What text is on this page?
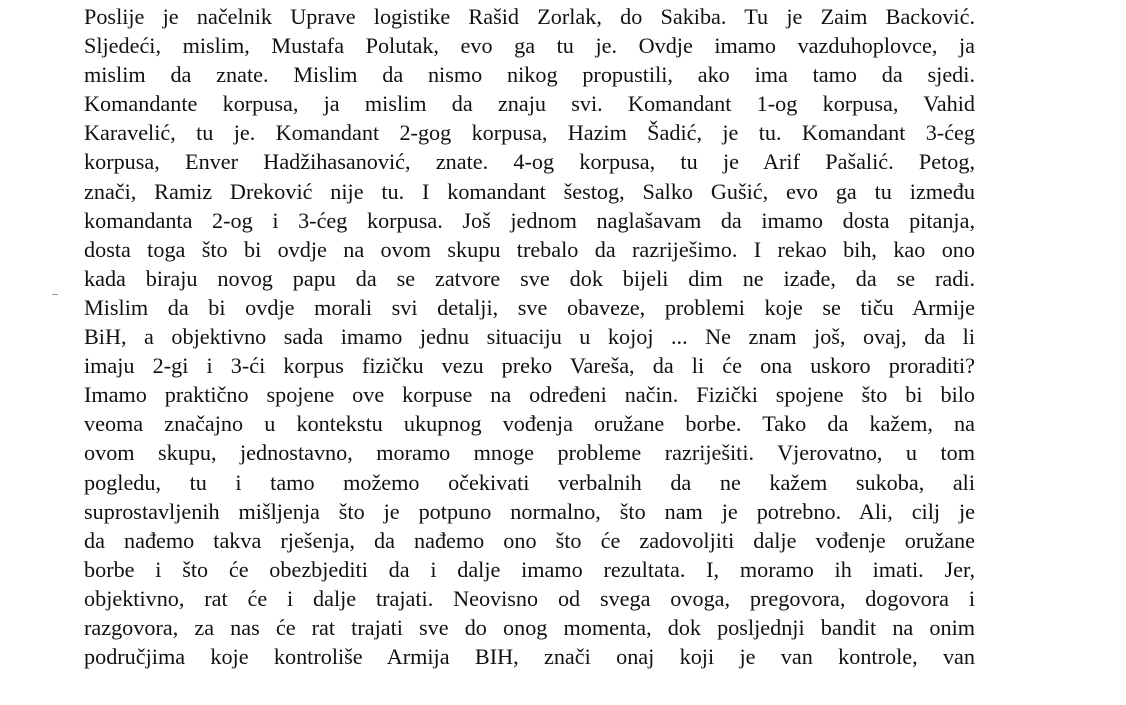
Poslije je načelnik Uprave logistike Rašid Zorlak, do Sakiba. Tu je Zaim Backović.
Sljedeći, mislim, Mustafa Polutak, evo ga tu je. Ovdje imamo vazduhoplovce, ja
mislim da znate. Mislim da nismo nikog propustili, ako ima tamo da sjedi.
Komandante korpusa, ja mislim da znaju svi. Komandant 1-og korpusa, Vahid
Karavelić, tu je. Komandant 2-gog korpusa, Hazim Šadić, je tu. Komandant 3-ćeg
korpusa, Enver Hadžihasanović, znate. 4-og korpusa, tu je Arif Pašalić. Petog,
znači, Ramiz Dreković nije tu. I komandant šestog, Salko Gušić, evo ga tu između
komandanta 2-og i 3-ćeg korpusa. Još jednom naglašavam da imamo dosta pitanja,
dosta toga što bi ovdje na ovom skupu trebalo da razriješimo. I rekao bih, kao ono
kada biraju novog papu da se zatvore sve dok bijeli dim ne izađe, da se radi.
Mislim da bi ovdje morali svi detalji, sve obaveze, problemi koje se tiču Armije
BiH, a objektivno sada imamo jednu situaciju u kojoj ... Ne znam još, ovaj, da li
imaju 2-gi i 3-ći korpus fizičku vezu preko Vareša, da li će ona uskoro proraditi?
Imamo praktično spojene ove korpuse na određeni način. Fizički spojene što bi bilo
veoma značajno u kontekstu ukupnog vođenja oružane borbe. Tako da kažem, na
ovom skupu, jednostavno, moramo mnoge probleme razriješiti. Vjerovatno, u tom
pogledu, tu i tamo možemo očekivati verbalnih da ne kažem sukoba, ali
suprostavljenih mišljenja što je potpuno normalno, što nam je potrebno. Ali, cilj je
da nađemo takva rješenja, da nađemo ono što će zadovoljiti dalje vođenje oružane
borbe i što će obezbjediti da i dalje imamo rezultata. I, moramo ih imati. Jer,
objektivno, rat će i dalje trajati. Neovisno od svega ovoga, pregovora, dogovora i
razgovora, za nas će rat trajati sve do onog momenta, dok posljednji bandit na onim
područjima koje kontroliše Armija BIH, znači onaj koji je van kontrole, van
